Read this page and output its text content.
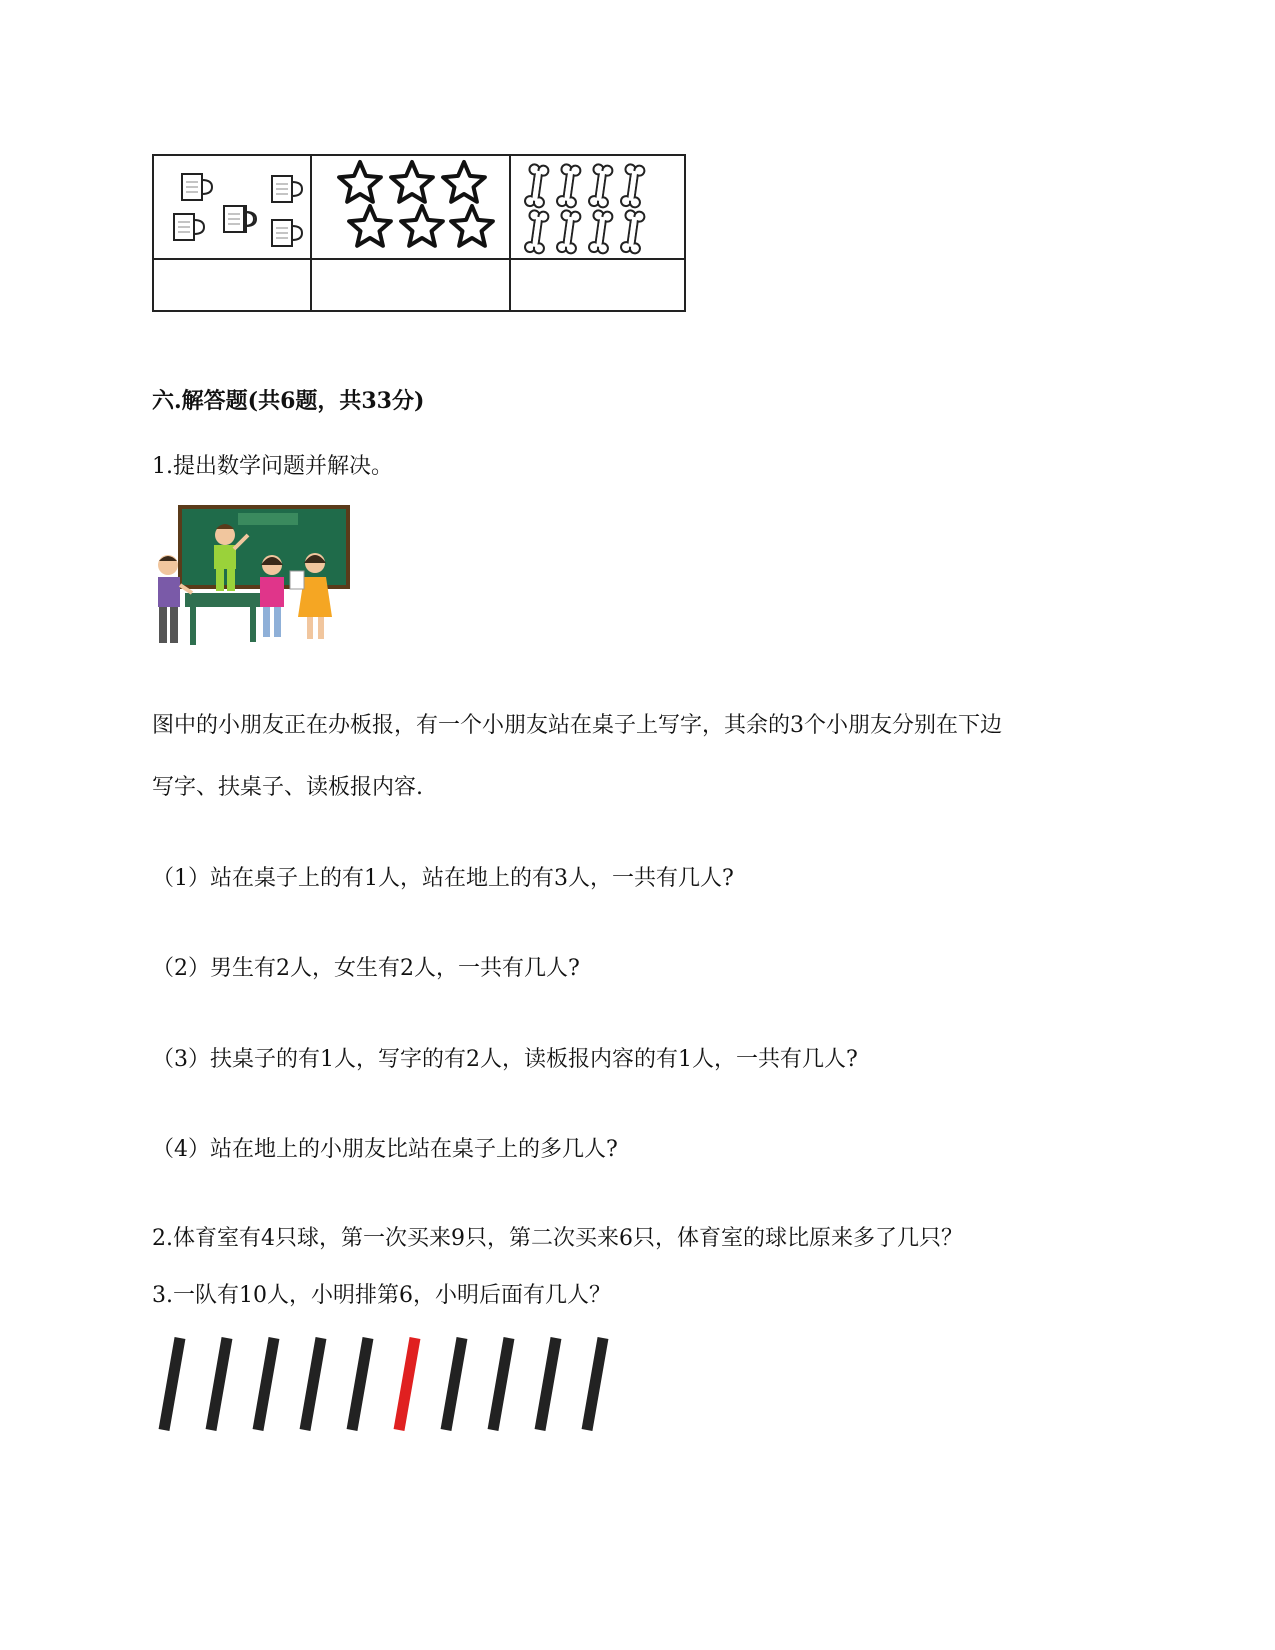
六.解答题(共6题，共33分)
1.提出数学问题并解决。
图中的小朋友正在办板报，有一个小朋友站在桌子上写字，其余的3个小朋友分别在下边
写字、扶桌子、读板报内容.
（1）站在桌子上的有1人，站在地上的有3人，一共有几人?
（2）男生有2人，女生有2人，一共有几人?
（3）扶桌子的有1人，写字的有2人，读板报内容的有1人，一共有几人?
（4）站在地上的小朋友比站在桌子上的多几人?
2.体育室有4只球，第一次买来9只，第二次买来6只，体育室的球比原来多了几只？
3.一队有10人，小明排第6，小明后面有几人？
